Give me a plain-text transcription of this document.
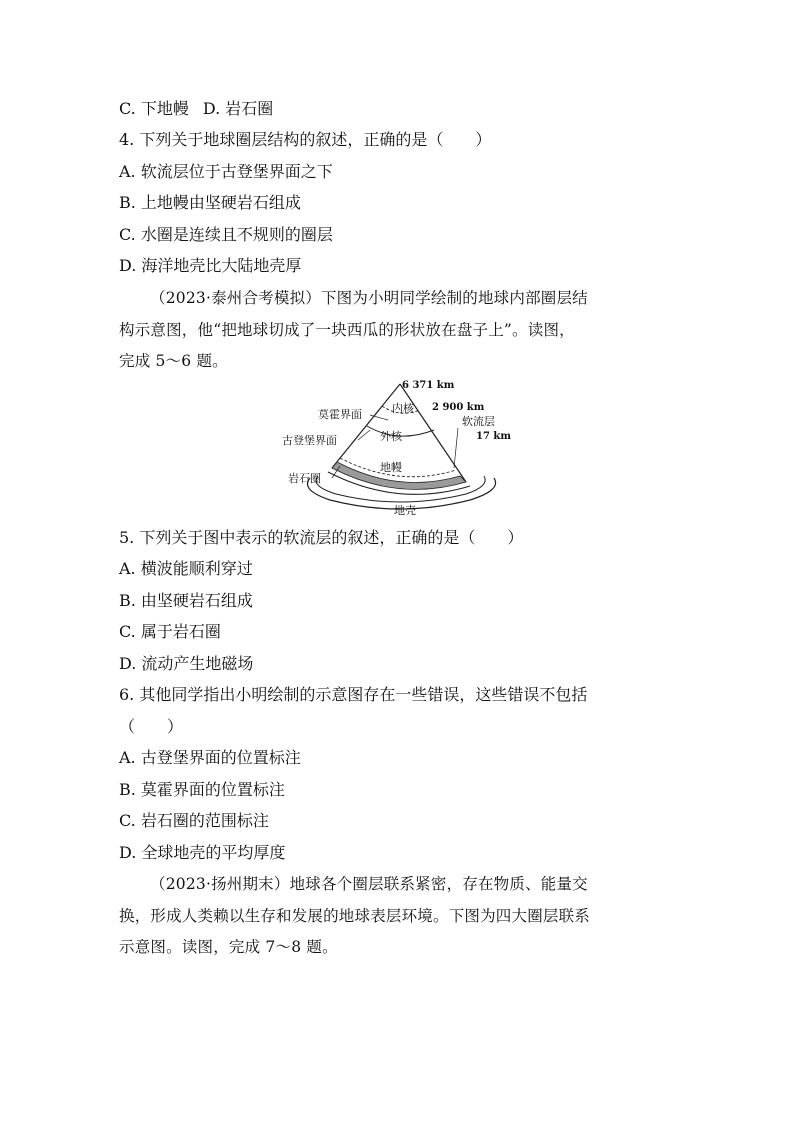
C. 下地幔 D. 岩石圈
4. 下列关于地球圈层结构的叙述，正确的是（　　）
A. 软流层位于古登堡界面之下
B. 上地幔由坚硬岩石组成
C. 水圈是连续且不规则的圈层
D. 海洋地壳比大陆地壳厚
（2023·泰州合考模拟）下图为小明同学绘制的地球内部圈层结
构示意图，他“把地球切成了一块西瓜的形状放在盘子上”。读图，
完成 5～6 题。
6 371 km
内核
莫霍界面
2 900 km
软流层
外核
古登堡界面	17 km
地幔
岩石圈
地壳
5. 下列关于图中表示的软流层的叙述，正确的是（　　）
A. 横波能顺利穿过
B. 由坚硬岩石组成
C. 属于岩石圈
D. 流动产生地磁场
6. 其他同学指出小明绘制的示意图存在一些错误，这些错误不包括
（　　）
A. 古登堡界面的位置标注
B. 莫霍界面的位置标注
C. 岩石圈的范围标注
D. 全球地壳的平均厚度
（2023·扬州期末）地球各个圈层联系紧密，存在物质、能量交
换，形成人类赖以生存和发展的地球表层环境。下图为四大圈层联系
示意图。读图，完成 7～8 题。
